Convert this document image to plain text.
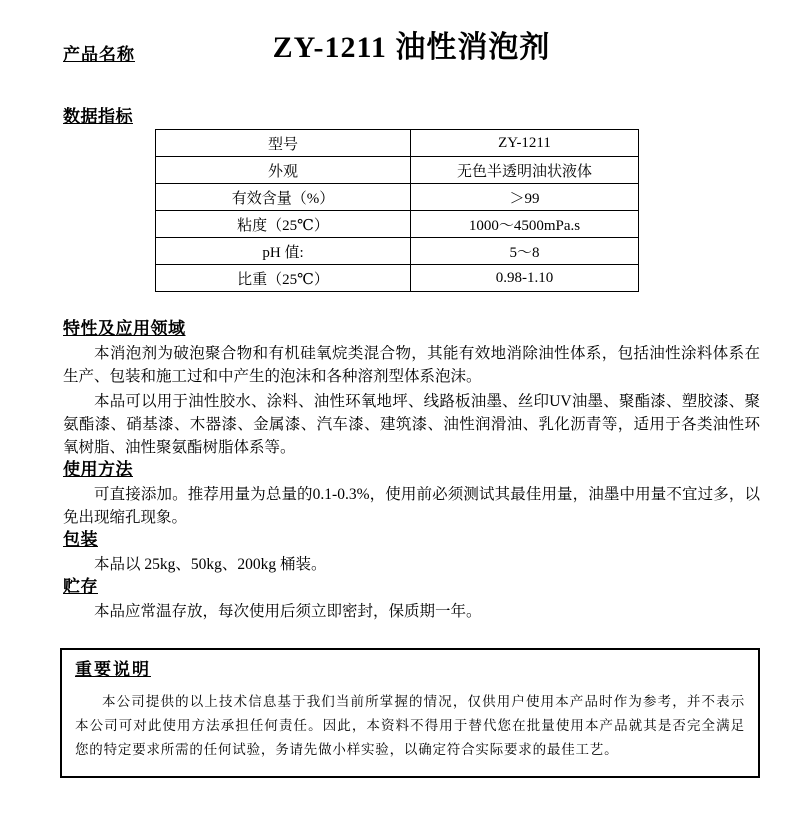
产品名称	ZY-1211 油性消泡剂
数据指标
型号	ZY-1211
外观	无色半透明油状液体
有效含量（%）	＞99
粘度（25℃）	1000～4500mPa.s
pH 值:	5～8
比重（25℃）	0.98-1.10
特性及应用领域

本消泡剂为破泡聚合物和有机硅氧烷类混合物，其能有效地消除油性体系，包括油性涂料体系在生产、包装和施工过和中产生的泡沫和各种溶剂型体系泡沫。

本品可以用于油性胶水、涂料、油性环氧地坪、线路板油墨、丝印UV油墨、聚酯漆、塑胶漆、聚氨酯漆、硝基漆、木器漆、金属漆、汽车漆、建筑漆、油性润滑油、乳化沥青等，适用于各类油性环氧树脂、油性聚氨酯树脂体系等。

使用方法

可直接添加。推荐用量为总量的0.1-0.3%，使用前必须测试其最佳用量，油墨中用量不宜过多，以免出现缩孔现象。

包装

本品以 25kg、50kg、200kg 桶装。

贮存

本品应常温存放，每次使用后须立即密封，保质期一年。

重要说明

本公司提供的以上技术信息基于我们当前所掌握的情况，仅供用户使用本产品时作为参考，并不表示本公司可对此使用方法承担任何责任。因此，本资料不得用于替代您在批量使用本产品就其是否完全满足您的特定要求所需的任何试验，务请先做小样实验，以确定符合实际要求的最佳工艺。
